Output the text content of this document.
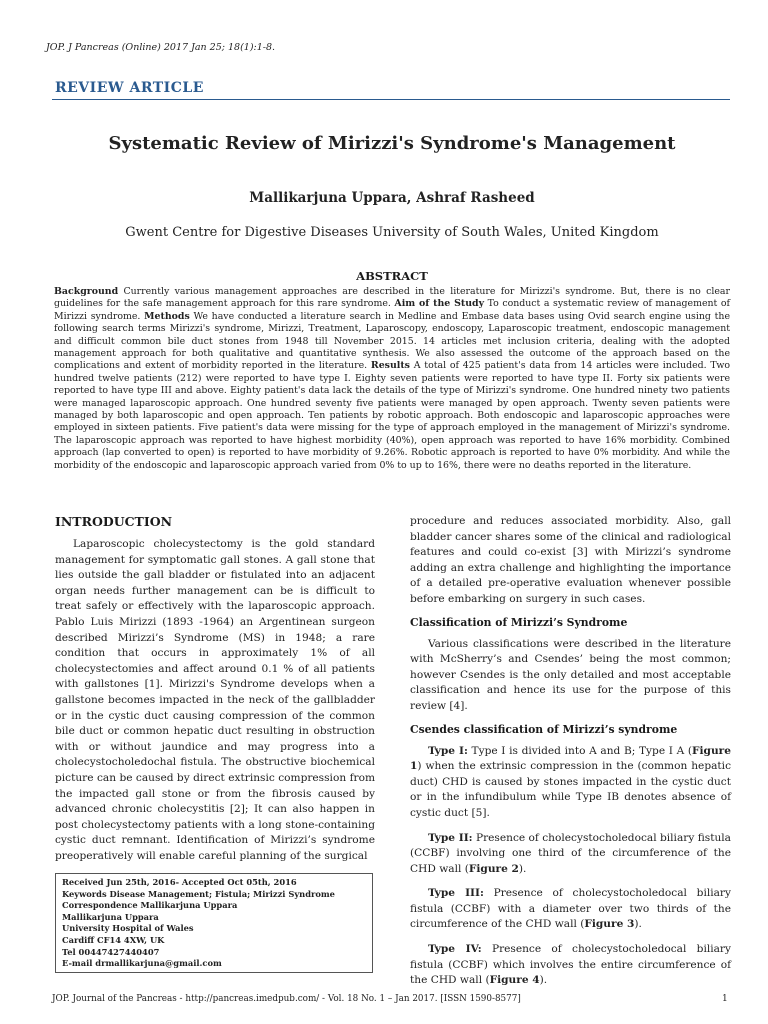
JOP. J Pancreas (Online) 2017 Jan 25; 18(1):1-8.
REVIEW ARTICLE
Systematic Review of Mirizzi's Syndrome's Management
Mallikarjuna Uppara, Ashraf Rasheed
Gwent Centre for Digestive Diseases University of South Wales, United Kingdom
ABSTRACT
Background Currently various management approaches are described in the literature for Mirizzi's syndrome. But, there is no clear guidelines for the safe management approach for this rare syndrome. Aim of the Study To conduct a systematic review of management of Mirizzi syndrome. Methods We have conducted a literature search in Medline and Embase data bases using Ovid search engine using the following search terms Mirizzi's syndrome, Mirizzi, Treatment, Laparoscopy, endoscopy, Laparoscopic treatment, endoscopic management and difficult common bile duct stones from 1948 till November 2015. 14 articles met inclusion criteria, dealing with the adopted management approach for both qualitative and quantitative synthesis. We also assessed the outcome of the approach based on the complications and extent of morbidity reported in the literature. Results A total of 425 patient's data from 14 articles were included. Two hundred twelve patients (212) were reported to have type I. Eighty seven patients were reported to have type II. Forty six patients were reported to have type III and above. Eighty patient's data lack the details of the type of Mirizzi's syndrome. One hundred ninety two patients were managed laparoscopic approach. One hundred seventy five patients were managed by open approach. Twenty seven patients were managed by both laparoscopic and open approach. Ten patients by robotic approach. Both endoscopic and laparoscopic approaches were employed in sixteen patients. Five patient's data were missing for the type of approach employed in the management of Mirizzi's syndrome. The laparoscopic approach was reported to have highest morbidity (40%), open approach was reported to have 16% morbidity. Combined approach (lap converted to open) is reported to have morbidity of 9.26%. Robotic approach is reported to have 0% morbidity. And while the morbidity of the endoscopic and laparoscopic approach varied from 0% to up to 16%, there were no deaths reported in the literature.
INTRODUCTION

Laparoscopic cholecystectomy is the gold standard management for symptomatic gall stones. A gall stone that lies outside the gall bladder or fistulated into an adjacent organ needs further management can be is difficult to treat safely or effectively with the laparoscopic approach. Pablo Luis Mirizzi (1893 -1964) an Argentinean surgeon described Mirizzi’s Syndrome (MS) in 1948; a rare condition that occurs in approximately 1% of all cholecystectomies and affect around 0.1 % of all patients with gallstones [1]. Mirizzi's Syndrome develops when a gallstone becomes impacted in the neck of the gallbladder or in the cystic duct causing compression of the common bile duct or common hepatic duct resulting in obstruction with or without jaundice and may progress into a cholecystocholedochal fistula. The obstructive biochemical picture can be caused by direct extrinsic compression from the impacted gall stone or from the fibrosis caused by advanced chronic cholecystitis [2]; It can also happen in post cholecystectomy patients with a long stone-containing cystic duct remnant. Identification of Mirizzi’s syndrome preoperatively will enable careful planning of the surgical

procedure and reduces associated morbidity. Also, gall bladder cancer shares some of the clinical and radiological features and could co-exist [3] with Mirizzi’s syndrome adding an extra challenge and highlighting the importance of a detailed pre-operative evaluation whenever possible before embarking on surgery in such cases.

Classification of Mirizzi’s Syndrome

Various classifications were described in the literature with McSherry’s and Csendes’ being the most common; however Csendes is the only detailed and most acceptable classification and hence its use for the purpose of this review [4].

Csendes classification of Mirizzi’s syndrome

Type I: Type I is divided into A and B; Type I A (Figure 1) when the extrinsic compression in the (common hepatic duct) CHD is caused by stones impacted in the cystic duct or in the infundibulum while Type IB denotes absence of cystic duct [5].

Type II: Presence of cholecystocholedocal biliary fistula (CCBF) involving one third of the circumference of the CHD wall (Figure 2).

Type III: Presence of cholecystocholedocal biliary fistula (CCBF) with a diameter over two thirds of the circumference of the CHD wall (Figure 3).

Type IV: Presence of cholecystocholedocal biliary fistula (CCBF) which involves the entire circumference of the CHD wall (Figure 4).

Received Jun 25th, 2016- Accepted Oct 05th, 2016
Keywords Disease Management; Fistula; Mirizzi Syndrome
Correspondence Mallikarjuna Uppara
Mallikarjuna Uppara
University Hospital of Wales
Cardiff CF14 4XW, UK
Tel 00447427440407
E-mail drmallikarjuna@gmail.com
JOP. Journal of the Pancreas - http://pancreas.imedpub.com/ - Vol. 18 No. 1 – Jan 2017. [ISSN 1590-8577]	1
